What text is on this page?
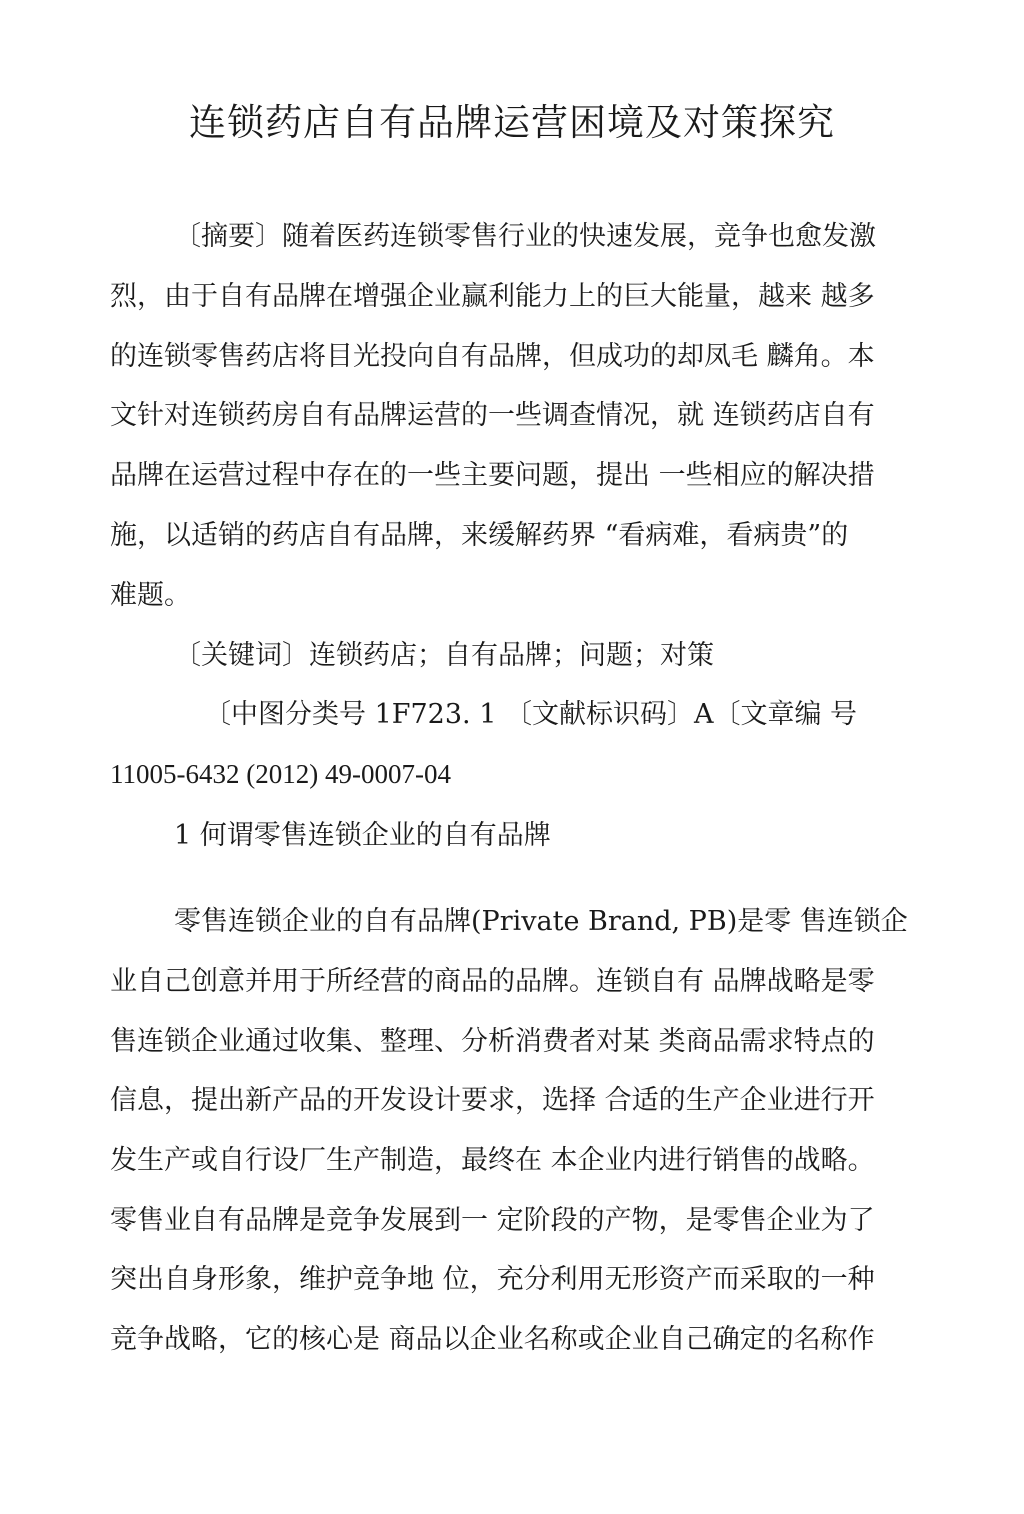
连锁药店自有品牌运营困境及对策探究
〔摘要〕随着医药连锁零售行业的快速发展，竞争也愈发激
烈，由于自有品牌在增强企业赢利能力上的巨大能量，越来 越多
的连锁零售药店将目光投向自有品牌，但成功的却凤毛 麟角。本
文针对连锁药房自有品牌运营的一些调查情况，就 连锁药店自有
品牌在运营过程中存在的一些主要问题，提出 一些相应的解决措
施，以适销的药店自有品牌，来缓解药界 “看病难，看病贵”的
难题。
〔关键词〕连锁药店；自有品牌；问题；对策
〔中图分类号 1F723. 1 〔文献标识码〕A〔文章编 号
11005-6432 (2012) 49-0007-04
1 何谓零售连锁企业的自有品牌
零售连锁企业的自有品牌(Private Brand, PB)是零 售连锁企
业自己创意并用于所经营的商品的品牌。连锁自有 品牌战略是零
售连锁企业通过收集、整理、分析消费者对某 类商品需求特点的
信息，提出新产品的开发设计要求，选择 合适的生产企业进行开
发生产或自行设厂生产制造，最终在 本企业内进行销售的战略。
零售业自有品牌是竞争发展到一 定阶段的产物，是零售企业为了
突出自身形象，维护竞争地 位，充分利用无形资产而采取的一种
竞争战略，它的核心是 商品以企业名称或企业自己确定的名称作
